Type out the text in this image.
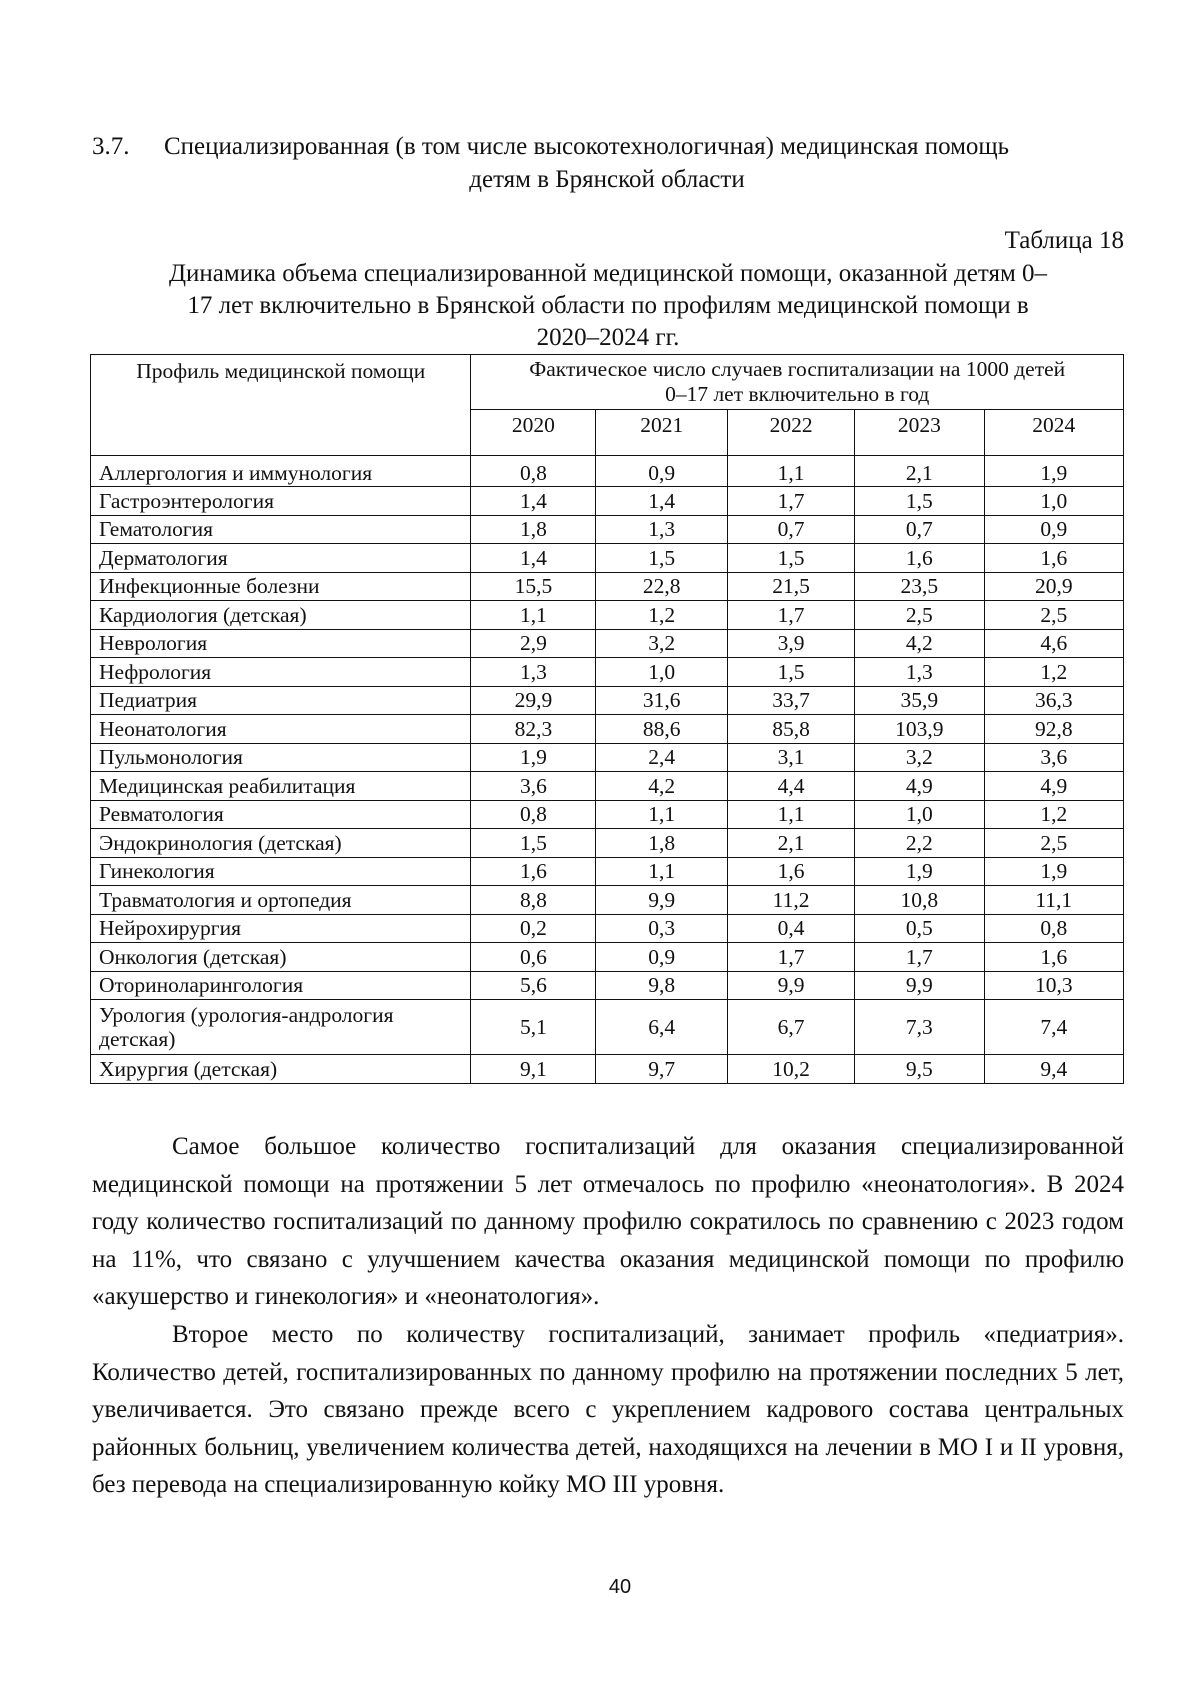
3.7. Специализированная (в том числе высокотехнологичная) медицинская помощь
детям в Брянской области
Таблица 18
Динамика объема специализированной медицинской помощи, оказанной детям 0–
17 лет включительно в Брянской области по профилям медицинской помощи в
2020–2024 гг.
Профиль медицинской помощи	Фактическое число случаев госпитализации на 1000 детей
0–17 лет включительно в год				

	2020	2021	2022	2023	2024
Аллергология и иммунология	0,8	0,9	1,1	2,1	1,9
Гастроэнтерология	1,4	1,4	1,7	1,5	1,0
Гематология	1,8	1,3	0,7	0,7	0,9
Дерматология	1,4	1,5	1,5	1,6	1,6
Инфекционные болезни	15,5	22,8	21,5	23,5	20,9
Кардиология (детская)	1,1	1,2	1,7	2,5	2,5
Неврология	2,9	3,2	3,9	4,2	4,6
Нефрология	1,3	1,0	1,5	1,3	1,2
Педиатрия	29,9	31,6	33,7	35,9	36,3
Неонатология	82,3	88,6	85,8	103,9	92,8
Пульмонология	1,9	2,4	3,1	3,2	3,6
Медицинская реабилитация	3,6	4,2	4,4	4,9	4,9
Ревматология	0,8	1,1	1,1	1,0	1,2
Эндокринология (детская)	1,5	1,8	2,1	2,2	2,5
Гинекология	1,6	1,1	1,6	1,9	1,9
Травматология и ортопедия	8,8	9,9	11,2	10,8	11,1
Нейрохирургия	0,2	0,3	0,4	0,5	0,8
Онкология (детская)	0,6	0,9	1,7	1,7	1,6
Оториноларингология	5,6	9,8	9,9	9,9	10,3
Урология (урология-андрология детская)	5,1	6,4	6,7	7,3	7,4
Хирургия (детская)	9,1	9,7	10,2	9,5	9,4

Самое большое количество госпитализаций для оказания специализированной медицинской помощи на протяжении 5 лет отмечалось по профилю «неонатология». В 2024 году количество госпитализаций по данному профилю сократилось по сравнению с 2023 годом на 11%, что связано с улучшением качества оказания медицинской помощи по профилю «акушерство и гинекология» и «неонатология».

Второе место по количеству госпитализаций, занимает профиль «педиатрия». Количество детей, госпитализированных по данному профилю на протяжении последних 5 лет, увеличивается. Это связано прежде всего с укреплением кадрового состава центральных районных больниц, увеличением количества детей, находящихся на лечении в МО I и II уровня, без перевода на специализированную койку МО III уровня.

40
